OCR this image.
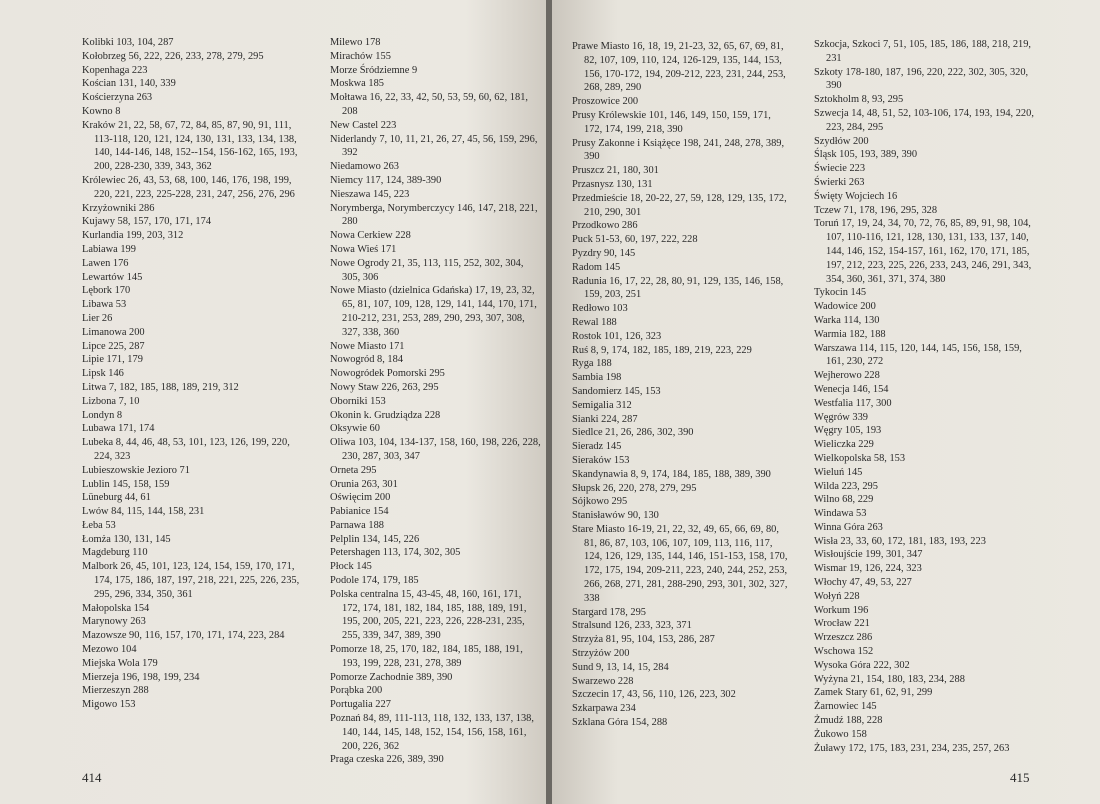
Kolibki 103, 104, 287
Kołobrzeg 56, 222, 226, 233, 278, 279, 295
Kopenhaga 223
Kościan 131, 140, 339
Kościerzyna 263
Kowno 8
Kraków 21, 22, 58, 67, 72, 84, 85, 87, 90, 91, 111, 113-118, 120, 121, 124, 130, 131, 133, 134, 138, 140, 144-146, 148, 152--154, 156-162, 165, 193, 200, 228-230, 339, 343, 362
Królewiec 26, 43, 53, 68, 100, 146, 176, 198, 199, 220, 221, 223, 225-228, 231, 247, 256, 276, 296
Krzyżowniki 286
Kujawy 58, 157, 170, 171, 174
Kurlandia 199, 203, 312
Labiawa 199
Lawen 176
Lewartów 145
Lębork 170
Libawa 53
Lier 26
Limanowa 200
Lipce 225, 287
Lipie 171, 179
Lipsk 146
Litwa 7, 182, 185, 188, 189, 219, 312
Lizbona 7, 10
Londyn 8
Lubawa 171, 174
Lubeka 8, 44, 46, 48, 53, 101, 123, 126, 199, 220, 224, 323
Lubieszowskie Jezioro 71
Lublin 145, 158, 159
Lüneburg 44, 61
Lwów 84, 115, 144, 158, 231
Łeba 53
Łomża 130, 131, 145
Magdeburg 110
Malbork 26, 45, 101, 123, 124, 154, 159, 170, 171, 174, 175, 186, 187, 197, 218, 221, 225, 226, 235, 295, 296, 334, 350, 361
Małopolska 154
Marynowy 263
Mazowsze 90, 116, 157, 170, 171, 174, 223, 284
Mezowo 104
Miejska Wola 179
Mierzeja 196, 198, 199, 234
Mierzeszyn 288
Migowo 153
Milewo 178
Mirachów 155
Morze Śródziemne 9
Moskwa 185
Mołtawa 16, 22, 33, 42, 50, 53, 59, 60, 62, 181, 208
New Castel 223
Niderlandy 7, 10, 11, 21, 26, 27, 45, 56, 159, 296, 392
Niedamowo 263
Niemcy 117, 124, 389-390
Nieszawa 145, 223
Norymberga, Norymberczycy 146, 147, 218, 221, 280
Nowa Cerkiew 228
Nowa Wieś 171
Nowe Ogrody 21, 35, 113, 115, 252, 302, 304, 305, 306
Nowe Miasto (dzielnica Gdańska) 17, 19, 23, 32, 65, 81, 107, 109, 128, 129, 141, 144, 170, 171, 210-212, 231, 253, 289, 290, 293, 307, 308, 327, 338, 360
Nowe Miasto 171
Nowogród 8, 184
Nowogródek Pomorski 295
Nowy Staw 226, 263, 295
Oborniki 153
Okonin k. Grudziądza 228
Oksywie 60
Oliwa 103, 104, 134-137, 158, 160, 198, 226, 228, 230, 287, 303, 347
Orneta 295
Orunia 263, 301
Oświęcim 200
Pabianice 154
Parnawa 188
Pelplin 134, 145, 226
Petershagen 113, 174, 302, 305
Płock 145
Podole 174, 179, 185
Polska centralna 15, 43-45, 48, 160, 161, 171, 172, 174, 181, 182, 184, 185, 188, 189, 191, 195, 200, 205, 221, 223, 226, 228-231, 235, 255, 339, 347, 389, 390
Pomorze 18, 25, 170, 182, 184, 185, 188, 191, 193, 199, 228, 231, 278, 389
Pomorze Zachodnie 389, 390
Porąbka 200
Portugalia 227
Poznań 84, 89, 111-113, 118, 132, 133, 137, 138, 140, 144, 145, 148, 152, 154, 156, 158, 161, 200, 226, 362
Praga czeska 226, 389, 390
414
Prawe Miasto 16, 18, 19, 21-23, 32, 65, 67, 69, 81, 82, 107, 109, 110, 124, 126-129, 135, 144, 153, 156, 170-172, 194, 209-212, 223, 231, 244, 253, 268, 289, 290
Proszowice 200
Prusy Królewskie 101, 146, 149, 150, 159, 171, 172, 174, 199, 218, 390
Prusy Zakonne i Książęce 198, 241, 248, 278, 389, 390
Pruszcz 21, 180, 301
Przasnysz 130, 131
Przedmieście 18, 20-22, 27, 59, 128, 129, 135, 172, 210, 290, 301
Przodkowo 286
Puck 51-53, 60, 197, 222, 228
Pyzdry 90, 145
Radom 145
Radunia 16, 17, 22, 28, 80, 91, 129, 135, 146, 158, 159, 203, 251
Redłowo 103
Rewal 188
Rostok 101, 126, 323
Ruś 8, 9, 174, 182, 185, 189, 219, 223, 229
Ryga 188
Sambia 198
Sandomierz 145, 153
Semigalia 312
Sianki 224, 287
Siedlce 21, 26, 286, 302, 390
Sieradz 145
Sieraków 153
Skandynawia 8, 9, 174, 184, 185, 188, 389, 390
Słupsk 26, 220, 278, 279, 295
Sójkowo 295
Stanisławów 90, 130
Stare Miasto 16-19, 21, 22, 32, 49, 65, 66, 69, 80, 81, 86, 87, 103, 106, 107, 109, 113, 116, 117, 124, 126, 129, 135, 144, 146, 151-153, 158, 170, 172, 175, 194, 209-211, 223, 240, 244, 252, 253, 266, 268, 271, 281, 288-290, 293, 301, 302, 327, 338
Stargard 178, 295
Stralsund 126, 233, 323, 371
Strzyża 81, 95, 104, 153, 286, 287
Strzyżów 200
Sund 9, 13, 14, 15, 284
Swarzewo 228
Szczecin 17, 43, 56, 110, 126, 223, 302
Szkarpawa 234
Szklana Góra 154, 288
Szkocja, Szkoci 7, 51, 105, 185, 186, 188, 218, 219, 231
Szkoty 178-180, 187, 196, 220, 222, 302, 305, 320, 390
Sztokholm 8, 93, 295
Szwecja 14, 48, 51, 52, 103-106, 174, 193, 194, 220, 223, 284, 295
Szydłów 200
Śląsk 105, 193, 389, 390
Świecie 223
Świerki 263
Święty Wojciech 16
Tczew 71, 178, 196, 295, 328
Toruń 17, 19, 24, 34, 70, 72, 76, 85, 89, 91, 98, 104, 107, 110-116, 121, 128, 130, 131, 133, 137, 140, 144, 146, 152, 154-157, 161, 162, 170, 171, 185, 197, 212, 223, 225, 226, 233, 243, 246, 291, 343, 354, 360, 361, 371, 374, 380
Tykocin 145
Wadowice 200
Warka 114, 130
Warmia 182, 188
Warszawa 114, 115, 120, 144, 145, 156, 158, 159, 161, 230, 272
Wejherowo 228
Wenecja 146, 154
Westfalia 117, 300
Węgrów 339
Węgry 105, 193
Wieliczka 229
Wielkopolska 58, 153
Wieluń 145
Wilda 223, 295
Wilno 68, 229
Windawa 53
Winna Góra 263
Wisła 23, 33, 60, 172, 181, 183, 193, 223
Wisłoujście 199, 301, 347
Wismar 19, 126, 224, 323
Włochy 47, 49, 53, 227
Wołyń 228
Workum 196
Wrocław 221
Wrzeszcz 286
Wschowa 152
Wysoka Góra 222, 302
Wyżyna 21, 154, 180, 183, 234, 288
Zamek Stary 61, 62, 91, 299
Żarnowiec 145
Żmudź 188, 228
Żukowo 158
Żuławy 172, 175, 183, 231, 234, 235, 257, 263
415
